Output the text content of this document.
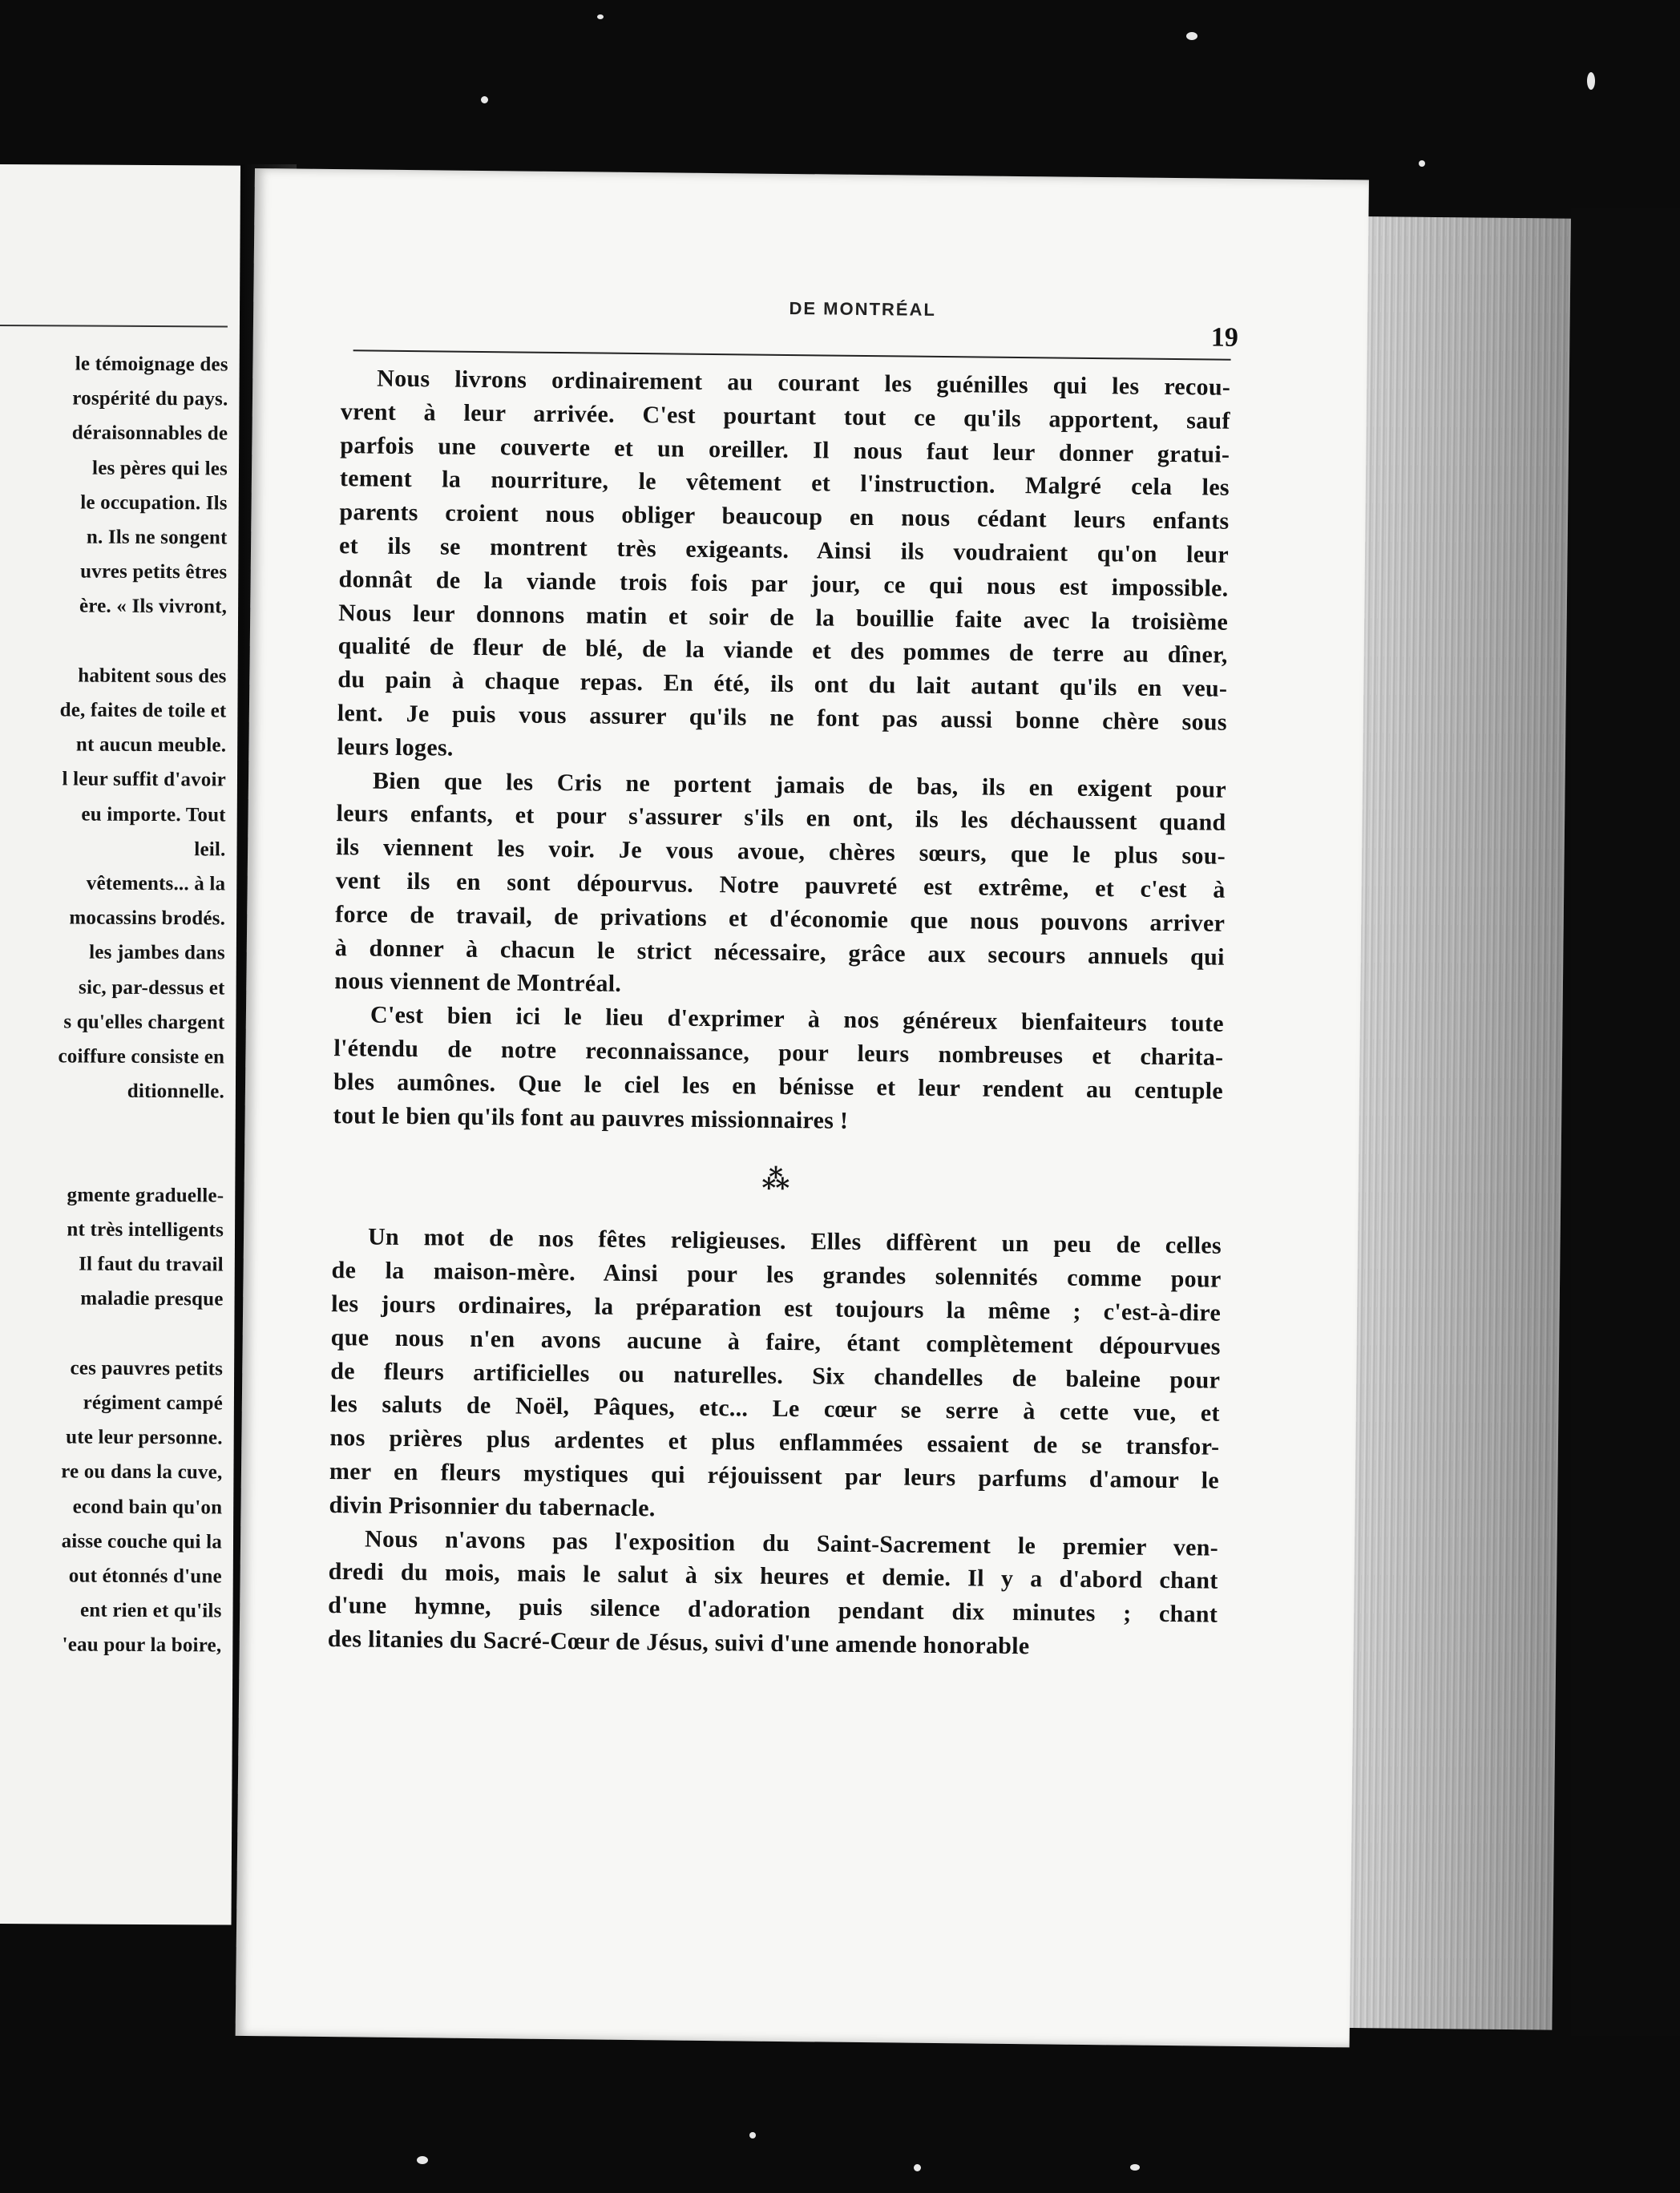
le témoignage des
rospérité du pays.
déraisonnables de
les pères qui les
le occupation. Ils
n. Ils ne songent
uvres petits êtres
ère. « Ils vivront,
habitent sous des
de, faites de toile et
nt aucun meuble.
l leur suffit d'avoir
eu importe. Tout
leil.
vêtements... à la
mocassins brodés.
les jambes dans
sic, par-dessus et
s qu'elles chargent
coiffure consiste en
ditionnelle.
gmente graduelle-
nt très intelligents
Il faut du travail
maladie presque
ces pauvres petits
régiment campé
ute leur personne.
re ou dans la cuve,
econd bain qu'on
aisse couche qui la
out étonnés d'une
ent rien et qu'ils
'eau pour la boire,
DE MONTRÉAL
19
Nous livrons ordinairement au courant les guénilles qui les recou-
vrent à leur arrivée. C'est pourtant tout ce qu'ils apportent, sauf
parfois une couverte et un oreiller. Il nous faut leur donner gratui-
tement la nourriture, le vêtement et l'instruction. Malgré cela les
parents croient nous obliger beaucoup en nous cédant leurs enfants
et ils se montrent très exigeants. Ainsi ils voudraient qu'on leur
donnât de la viande trois fois par jour, ce qui nous est impossible.
Nous leur donnons matin et soir de la bouillie faite avec la troisième
qualité de fleur de blé, de la viande et des pommes de terre au dîner,
du pain à chaque repas. En été, ils ont du lait autant qu'ils en veu-
lent. Je puis vous assurer qu'ils ne font pas aussi bonne chère sous
leurs loges.
Bien que les Cris ne portent jamais de bas, ils en exigent pour
leurs enfants, et pour s'assurer s'ils en ont, ils les déchaussent quand
ils viennent les voir. Je vous avoue, chères sœurs, que le plus sou-
vent ils en sont dépourvus. Notre pauvreté est extrême, et c'est à
force de travail, de privations et d'économie que nous pouvons arriver
à donner à chacun le strict nécessaire, grâce aux secours annuels qui
nous viennent de Montréal.
C'est bien ici le lieu d'exprimer à nos généreux bienfaiteurs toute
l'étendu de notre reconnaissance, pour leurs nombreuses et charita-
bles aumônes. Que le ciel les en bénisse et leur rendent au centuple
tout le bien qu'ils font au pauvres missionnaires !
⁂
Un mot de nos fêtes religieuses. Elles diffèrent un peu de celles
de la maison-mère. Ainsi pour les grandes solennités comme pour
les jours ordinaires, la préparation est toujours la même ; c'est-à-dire
que nous n'en avons aucune à faire, étant complètement dépourvues
de fleurs artificielles ou naturelles. Six chandelles de baleine pour
les saluts de Noël, Pâques, etc... Le cœur se serre à cette vue, et
nos prières plus ardentes et plus enflammées essaient de se transfor-
mer en fleurs mystiques qui réjouissent par leurs parfums d'amour le
divin Prisonnier du tabernacle.
Nous n'avons pas l'exposition du Saint-Sacrement le premier ven-
dredi du mois, mais le salut à six heures et demie. Il y a d'abord chant
d'une hymne, puis silence d'adoration pendant dix minutes ; chant
des litanies du Sacré-Cœur de Jésus, suivi d'une amende honorable
